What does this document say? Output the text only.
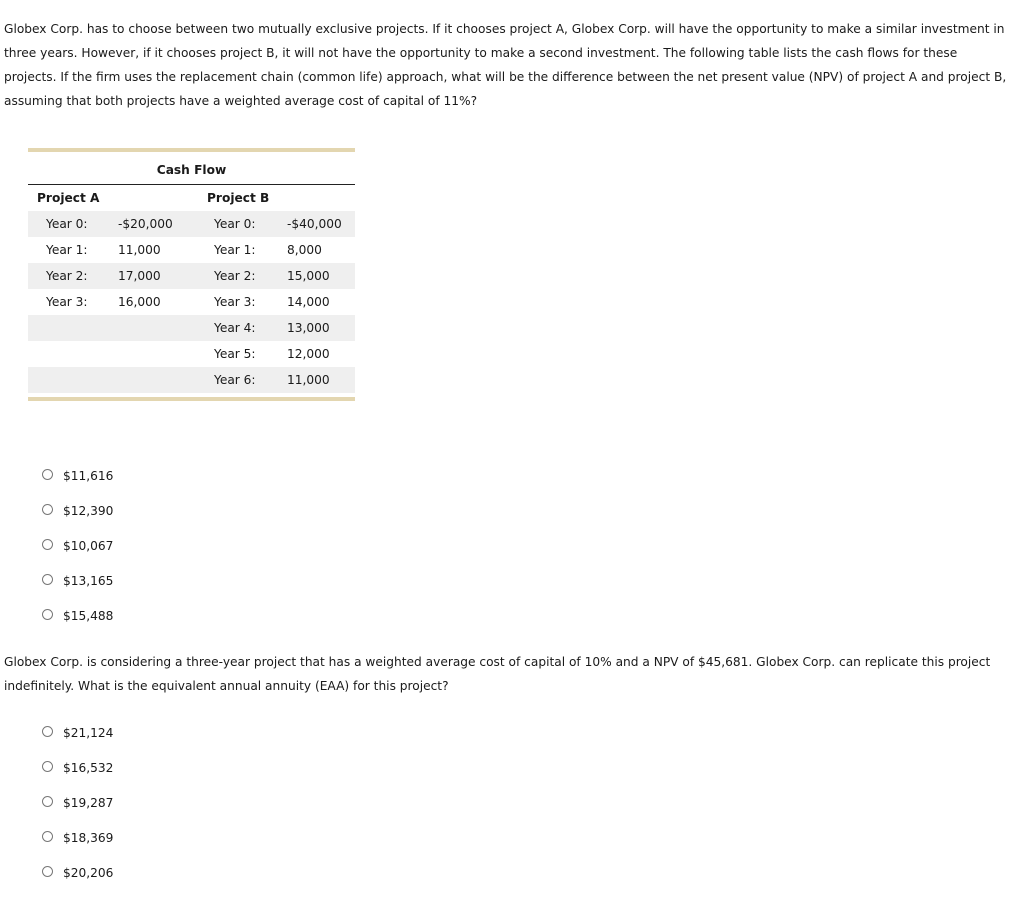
Globex Corp. has to choose between two mutually exclusive projects. If it chooses project A, Globex Corp. will have the opportunity to make a similar investment in three years. However, if it chooses project B, it will not have the opportunity to make a second investment. The following table lists the cash flows for these projects. If the firm uses the replacement chain (common life) approach, what will be the difference between the net present value (NPV) of project A and project B, assuming that both projects have a weighted average cost of capital of 11%?

Cash Flow			
Project A		Project B	
Year 0:	-$20,000	Year 0:	-$40,000
Year 1:	11,000	Year 1:	8,000
Year 2:	17,000	Year 2:	15,000
Year 3:	16,000	Year 3:	14,000
		Year 4:	13,000
		Year 5:	12,000
		Year 6:	11,000

$11,616
$12,390
$10,067
$13,165
$15,488

Globex Corp. is considering a three-year project that has a weighted average cost of capital of 10% and a NPV of $45,681. Globex Corp. can replicate this project indefinitely. What is the equivalent annual annuity (EAA) for this project?

$21,124
$16,532
$19,287
$18,369
$20,206
